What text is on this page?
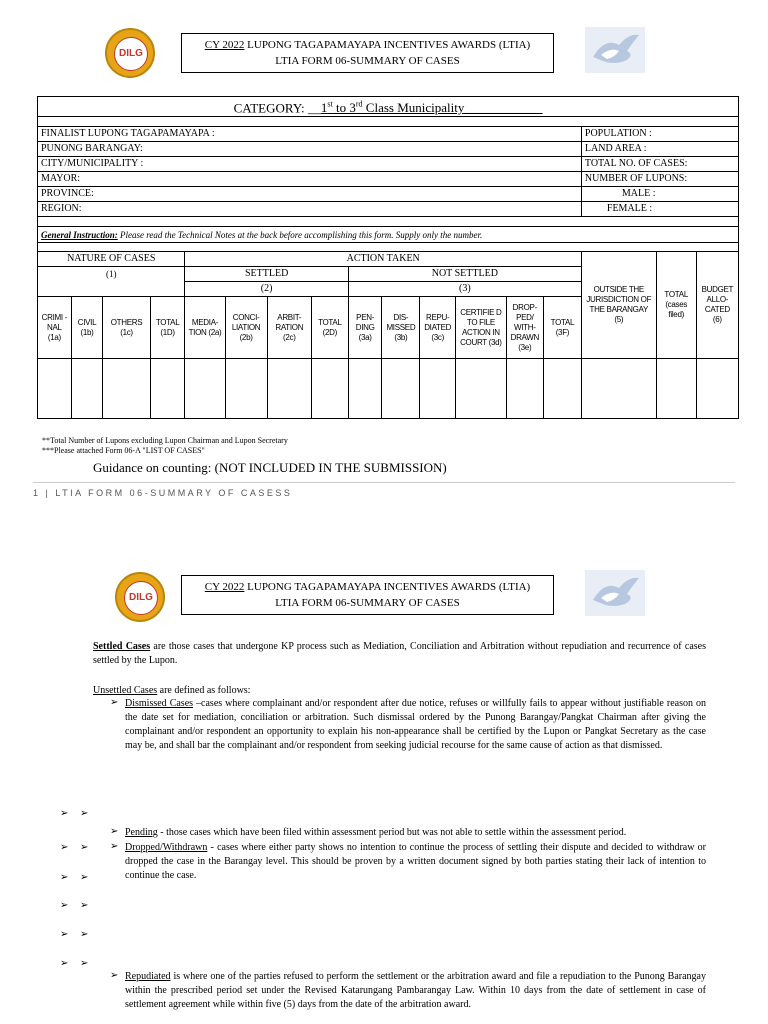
DILG
CY 2022 LUPONG TAGAPAMAYAPA INCENTIVES AWARDS (LTIA)
LTIA FORM 06-SUMMARY OF CASES
CATEGORY: __1st to 3rd Class Municipality____________																

FINALIST LUPONG TAGAPAMAYAPA :														POPULATION :		
PUNONG BARANGAY:														LAND AREA :		
CITY/MUNICIPALITY :														TOTAL NO. OF CASES:		
MAYOR:														NUMBER OF LUPONS:		
PROVINCE:														MALE :		
REGION:														FEMALE :		

General Instruction: Please read the Technical Notes at the back before accomplishing this form. Supply only the number.																

NATURE OF CASES				ACTION TAKEN										OUTSIDE THE JURISDICTION OF THE BARANGAY (5)	TOTAL (cases filed)	BUDGET ALLO-CATED (6)
(1)				SETTLED				NOT SETTLED								
				(2)				(3)								
CRIMI -NAL (1a)	CIVIL (1b)	OTHERS (1c)	TOTAL (1D)	MEDIA-TION (2a)	CONCI-LIATION (2b)	ARBIT-RATION (2c)	TOTAL (2D)	PEN-DING (3a)	DIS-MISSED (3b)	REPU-DIATED (3c)	CERTIFIE D TO FILE ACTION IN COURT (3d)	DROP-PED/ WITH-DRAWN (3e)	TOTAL (3F)			

**Total Number of Lupons excluding Lupon Chairman and Lupon Secretary
***Please attached Form 06-A "LIST OF CASES"
Guidance on counting: (NOT INCLUDED IN THE SUBMISSION)
1 | LTIA FORM 06-SUMMARY OF CASESS
DILG
CY 2022 LUPONG TAGAPAMAYAPA INCENTIVES AWARDS (LTIA)
LTIA FORM 06-SUMMARY OF CASES
Settled Cases are those cases that undergone KP process such as Mediation, Conciliation and Arbitration without repudiation and recurrence of cases settled by the Lupon.
Unsettled Cases are defined as follows:
➢ Dismissed Cases –cases where complainant and/or respondent after due notice, refuses or willfully fails to appear without justifiable reason on the date set for mediation, conciliation or arbitration. Such dismissal ordered by the Punong Barangay/Pangkat Chairman after giving the complainant and/or respondent an opportunity to explain his non-appearance shall be certified by the Lupon or Pangkat Secretary as the case may be, and shall bar the complainant and/or respondent from seeking judicial recourse for the same cause of action as that dismissed.
➢ ➢
➢ ➢
➢ ➢
➢ ➢
➢ ➢
➢ ➢
➢ Pending - those cases which have been filed within assessment period but was not able to settle within the assessment period.
➢ Dropped/Withdrawn - cases where either party shows no intention to continue the process of settling their dispute and decided to withdraw or dropped the case in the Barangay level. This should be proven by a written document signed by both parties stating their lack of intention to continue the case.
➢ Repudiated is where one of the parties refused to perform the settlement or the arbitration award and file a repudiation to the Punong Barangay within the prescribed period set under the Revised Katarungang Pambarangay Law. Within 10 days from the date of settlement in case of settlement agreement while within five (5) days from the date of the arbitration award.
